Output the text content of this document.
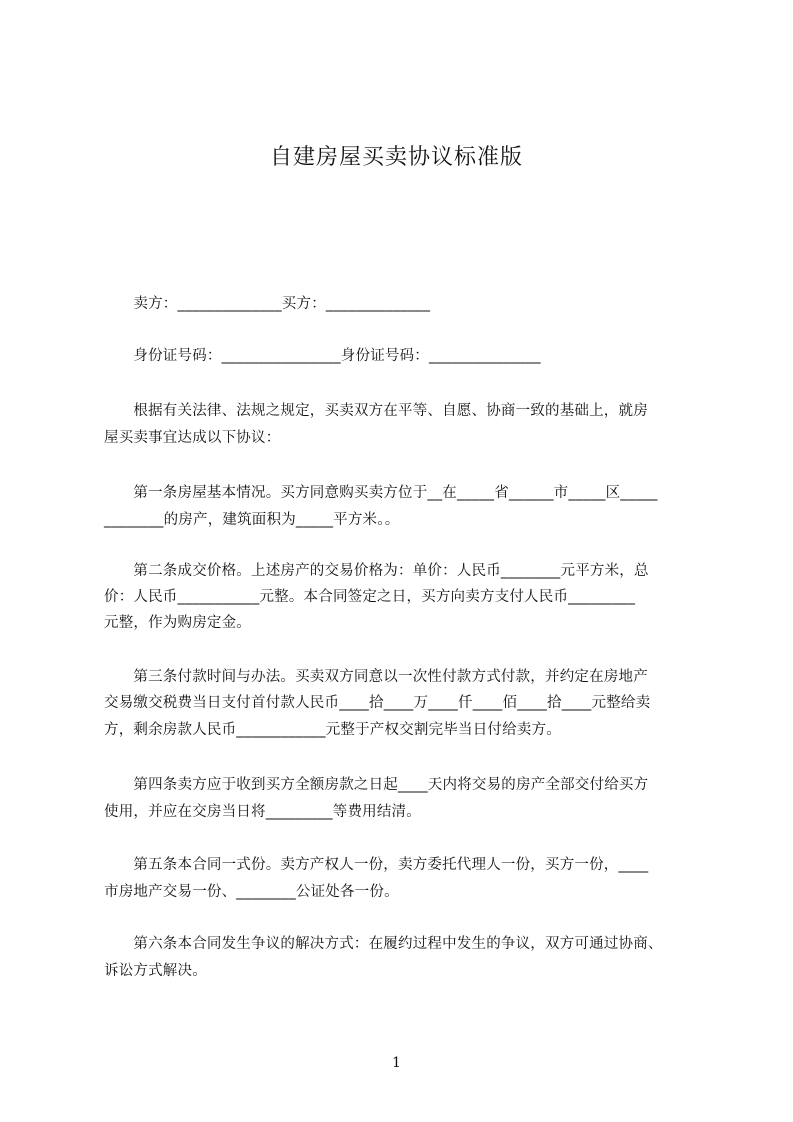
自建房屋买卖协议标准版
　　卖方：______________买方：______________
　　身份证号码：________________身份证号码：_______________
　　根据有关法律、法规之规定，买卖双方在平等、自愿、协商一致的基础上，就房
屋买卖事宜达成以下协议：
　　第一条房屋基本情况。买方同意购买卖方位于__在_____省______市_____区_____
________的房产，建筑面积为_____平方米。。
　　第二条成交价格。上述房产的交易价格为：单价：人民币________元平方米，总
价：人民币___________元整。本合同签定之日，买方向卖方支付人民币_________
元整，作为购房定金。
　　第三条付款时间与办法。买卖双方同意以一次性付款方式付款，并约定在房地产
交易缴交税费当日支付首付款人民币____拾____万____仟____佰____拾____元整给卖
方，剩余房款人民币____________元整于产权交割完毕当日付给卖方。
　　第四条卖方应于收到买方全额房款之日起____天内将交易的房产全部交付给买方
使用，并应在交房当日将_________等费用结清。
　　第五条本合同一式份。卖方产权人一份，卖方委托代理人一份，买方一份，____
市房地产交易一份、________公证处各一份。
　　第六条本合同发生争议的解决方式：在履约过程中发生的争议，双方可通过协商、
诉讼方式解决。
1
